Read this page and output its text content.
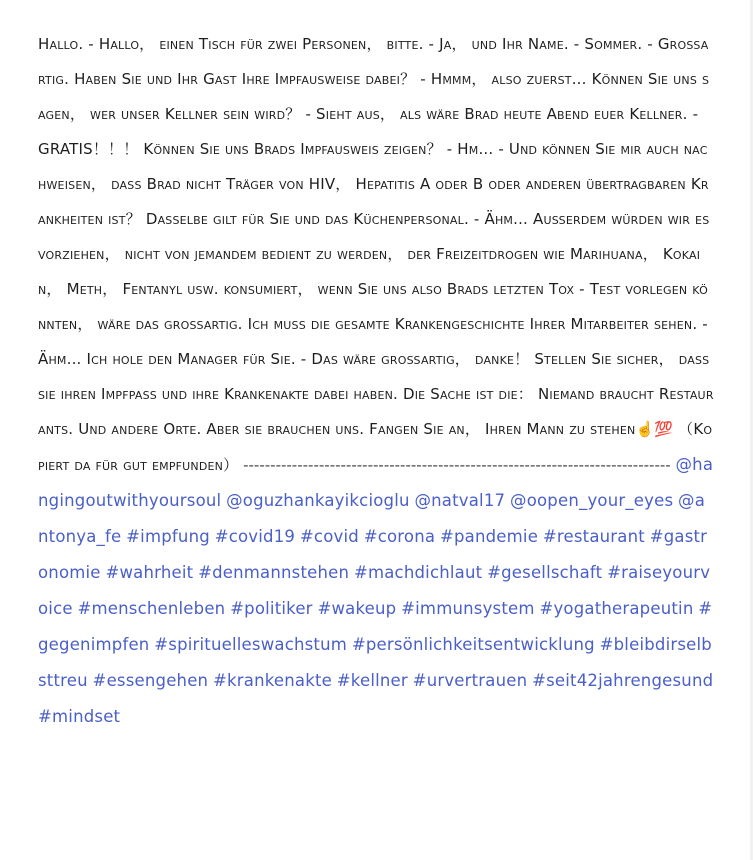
Hallo. - Hallo， einen Tisch für zwei Personen， bitte. - Ja， und Ihr Name. - Sommer. - Großartig. Haben Sie und Ihr Gast Ihre Impfausweise dabei？ - Hmmm， also zuerst... Können Sie uns sagen， wer unser Kellner sein wird？ - Sieht aus， als wäre Brad heute Abend euer Kellner. - GRATIS！！！ Können Sie uns Brads Impfausweis zeigen？ - Hm... - Und können Sie mir auch nachweisen， dass Brad nicht Träger von HIV， Hepatitis A oder B oder anderen übertragbaren Krankheiten ist？ Dasselbe gilt für Sie und das Küchenpersonal. - Ähm... Außerdem würden wir es vorziehen， nicht von jemandem bedient zu werden， der Freizeitdrogen wie Marihuana， Kokain， Meth， Fentanyl usw. konsumiert， wenn Sie uns also Brads letzten Tox - Test vorlegen könnten， wäre das großartig. Ich muss die gesamte Krankengeschichte Ihrer Mitarbeiter sehen. - Ähm... Ich hole den Manager für Sie. - Das wäre großartig， danke！ Stellen Sie sicher， dass sie ihren Impfpass und ihre Krankenakte dabei haben. Die Sache ist die： Niemand braucht Restaurants. Und andere Orte. Aber sie brauchen uns. Fangen Sie an， Ihren Mann zu stehen☝️💯 （Kopiert da für gut empfunden） ------------------------------------------------------------------------------- @hangingoutwithyoursoul @oguzhankayikcioglu @natval17 @oopen_your_eyes @antonya_fe #impfung #covid19 #covid #corona #pandemie #restaurant #gastronomie #wahrheit #denmannstehen #machdichlaut #gesellschaft #raiseyourvoice #menschenleben #politiker #wakeup #immunsystem #yogatherapeutin #gegenimpfen #spirituelleswachstum #persönlichkeitsentwicklung #bleibdirselbsttreu #essengehen #krankenakte #kellner #urvertrauen #seit42jahrengesund #mindset
